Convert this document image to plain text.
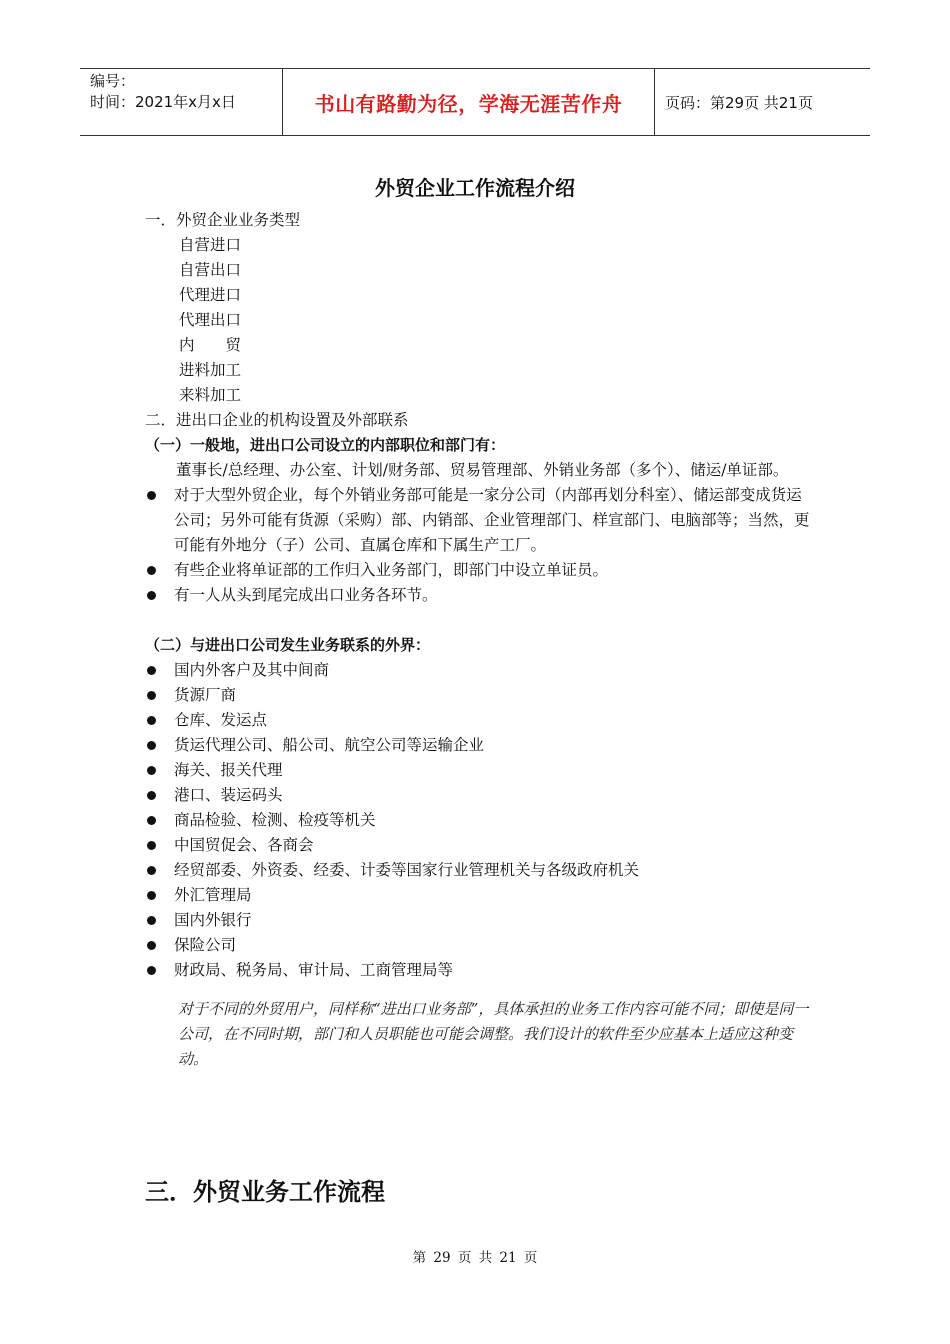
编号：
时间：2021年x月x日	书山有路勤为径，学海无涯苦作舟	页码：第29页 共21页
外贸企业工作流程介绍
一．外贸企业业务类型
自营进口
自营出口
代理进口
代理出口
内　　贸
进料加工
来料加工
二．进出口企业的机构设置及外部联系
（一）一般地，进出口公司设立的内部职位和部门有：
董事长/总经理、办公室、计划/财务部、贸易管理部、外销业务部（多个）、储运/单证部。
对于大型外贸企业，每个外销业务部可能是一家分公司（内部再划分科室）、储运部变成货运公司；另外可能有货源（采购）部、内销部、企业管理部门、样宣部门、电脑部等；当然，更可能有外地分（子）公司、直属仓库和下属生产工厂。
有些企业将单证部的工作归入业务部门，即部门中设立单证员。
有一人从头到尾完成出口业务各环节。
（二）与进出口公司发生业务联系的外界：
国内外客户及其中间商
货源厂商
仓库、发运点
货运代理公司、船公司、航空公司等运输企业
海关、报关代理
港口、装运码头
商品检验、检测、检疫等机关
中国贸促会、各商会
经贸部委、外资委、经委、计委等国家行业管理机关与各级政府机关
外汇管理局
国内外银行
保险公司
财政局、税务局、审计局、工商管理局等
对于不同的外贸用户，同样称“进出口业务部”，具体承担的业务工作内容可能不同；即使是同一公司，在不同时期，部门和人员职能也可能会调整。我们设计的软件至少应基本上适应这种变动。
三．外贸业务工作流程
第 29 页 共 21 页
